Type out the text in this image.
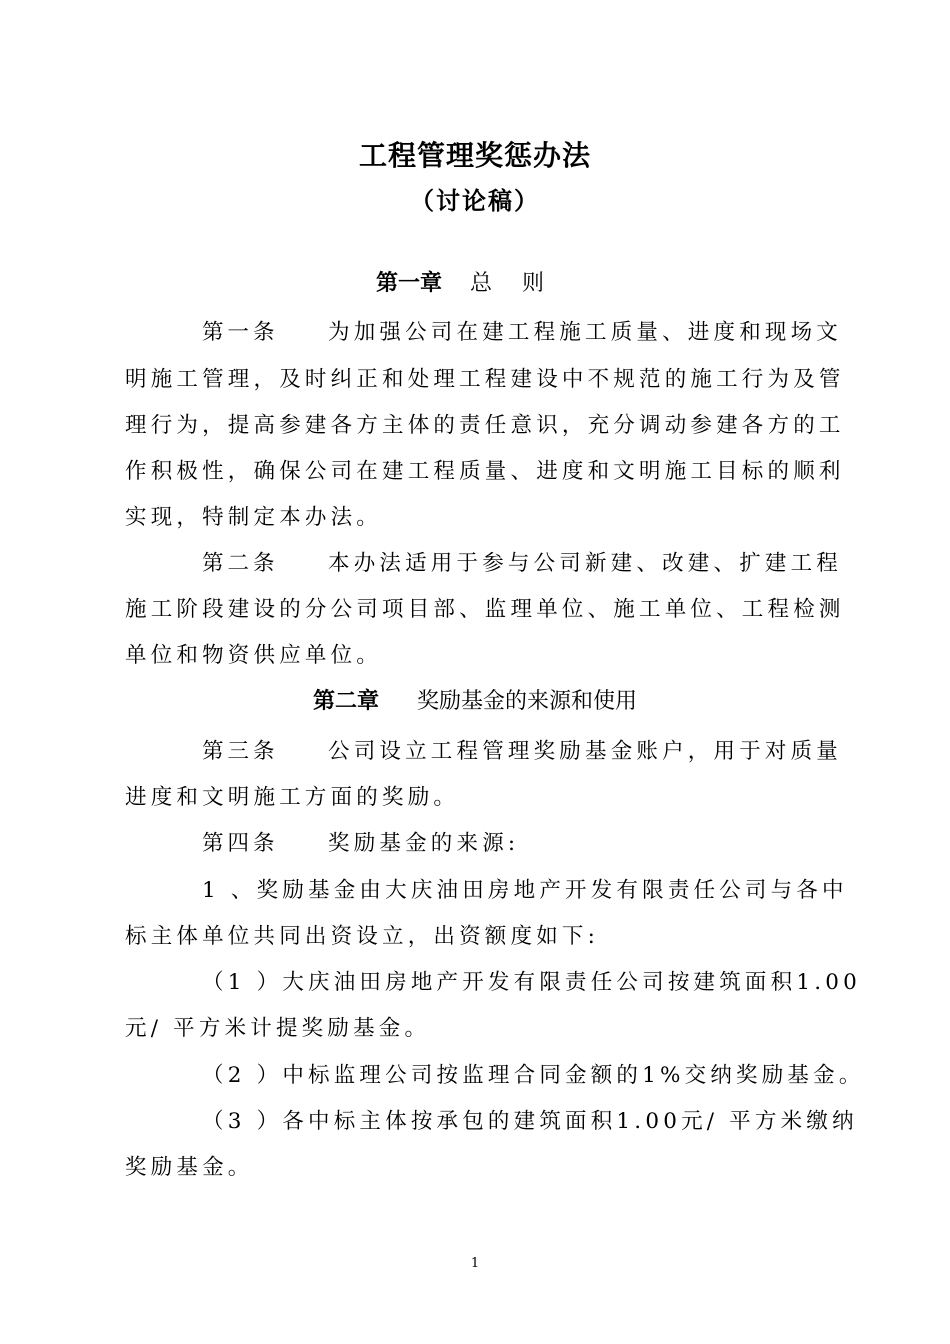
工程管理奖惩办法
（讨论稿）
第一章 总则
第一条 为加强公司在建工程施工质量、进度和现场文
明施工管理，及时纠正和处理工程建设中不规范的施工行为及管
理行为，提高参建各方主体的责任意识，充分调动参建各方的工
作积极性，确保公司在建工程质量、进度和文明施工目标的顺利
实现，特制定本办法。
第二条 本办法适用于参与公司新建、改建、扩建工程
施工阶段建设的分公司项目部、监理单位、施工单位、工程检测
单位和物资供应单位。
第二章 奖励基金的来源和使用
第三条 公司设立工程管理奖励基金账户，用于对质量
进度和文明施工方面的奖励。
第四条 奖励基金的来源:
1 、奖励基金由大庆油田房地产开发有限责任公司与各中
标主体单位共同出资设立，出资额度如下:
（1 ）大庆油田房地产开发有限责任公司按建筑面积1.00
元/ 平方米计提奖励基金。
（2 ）中标监理公司按监理合同金额的1%交纳奖励基金。
（3 ）各中标主体按承包的建筑面积1.00元/ 平方米缴纳
奖励基金。
1
